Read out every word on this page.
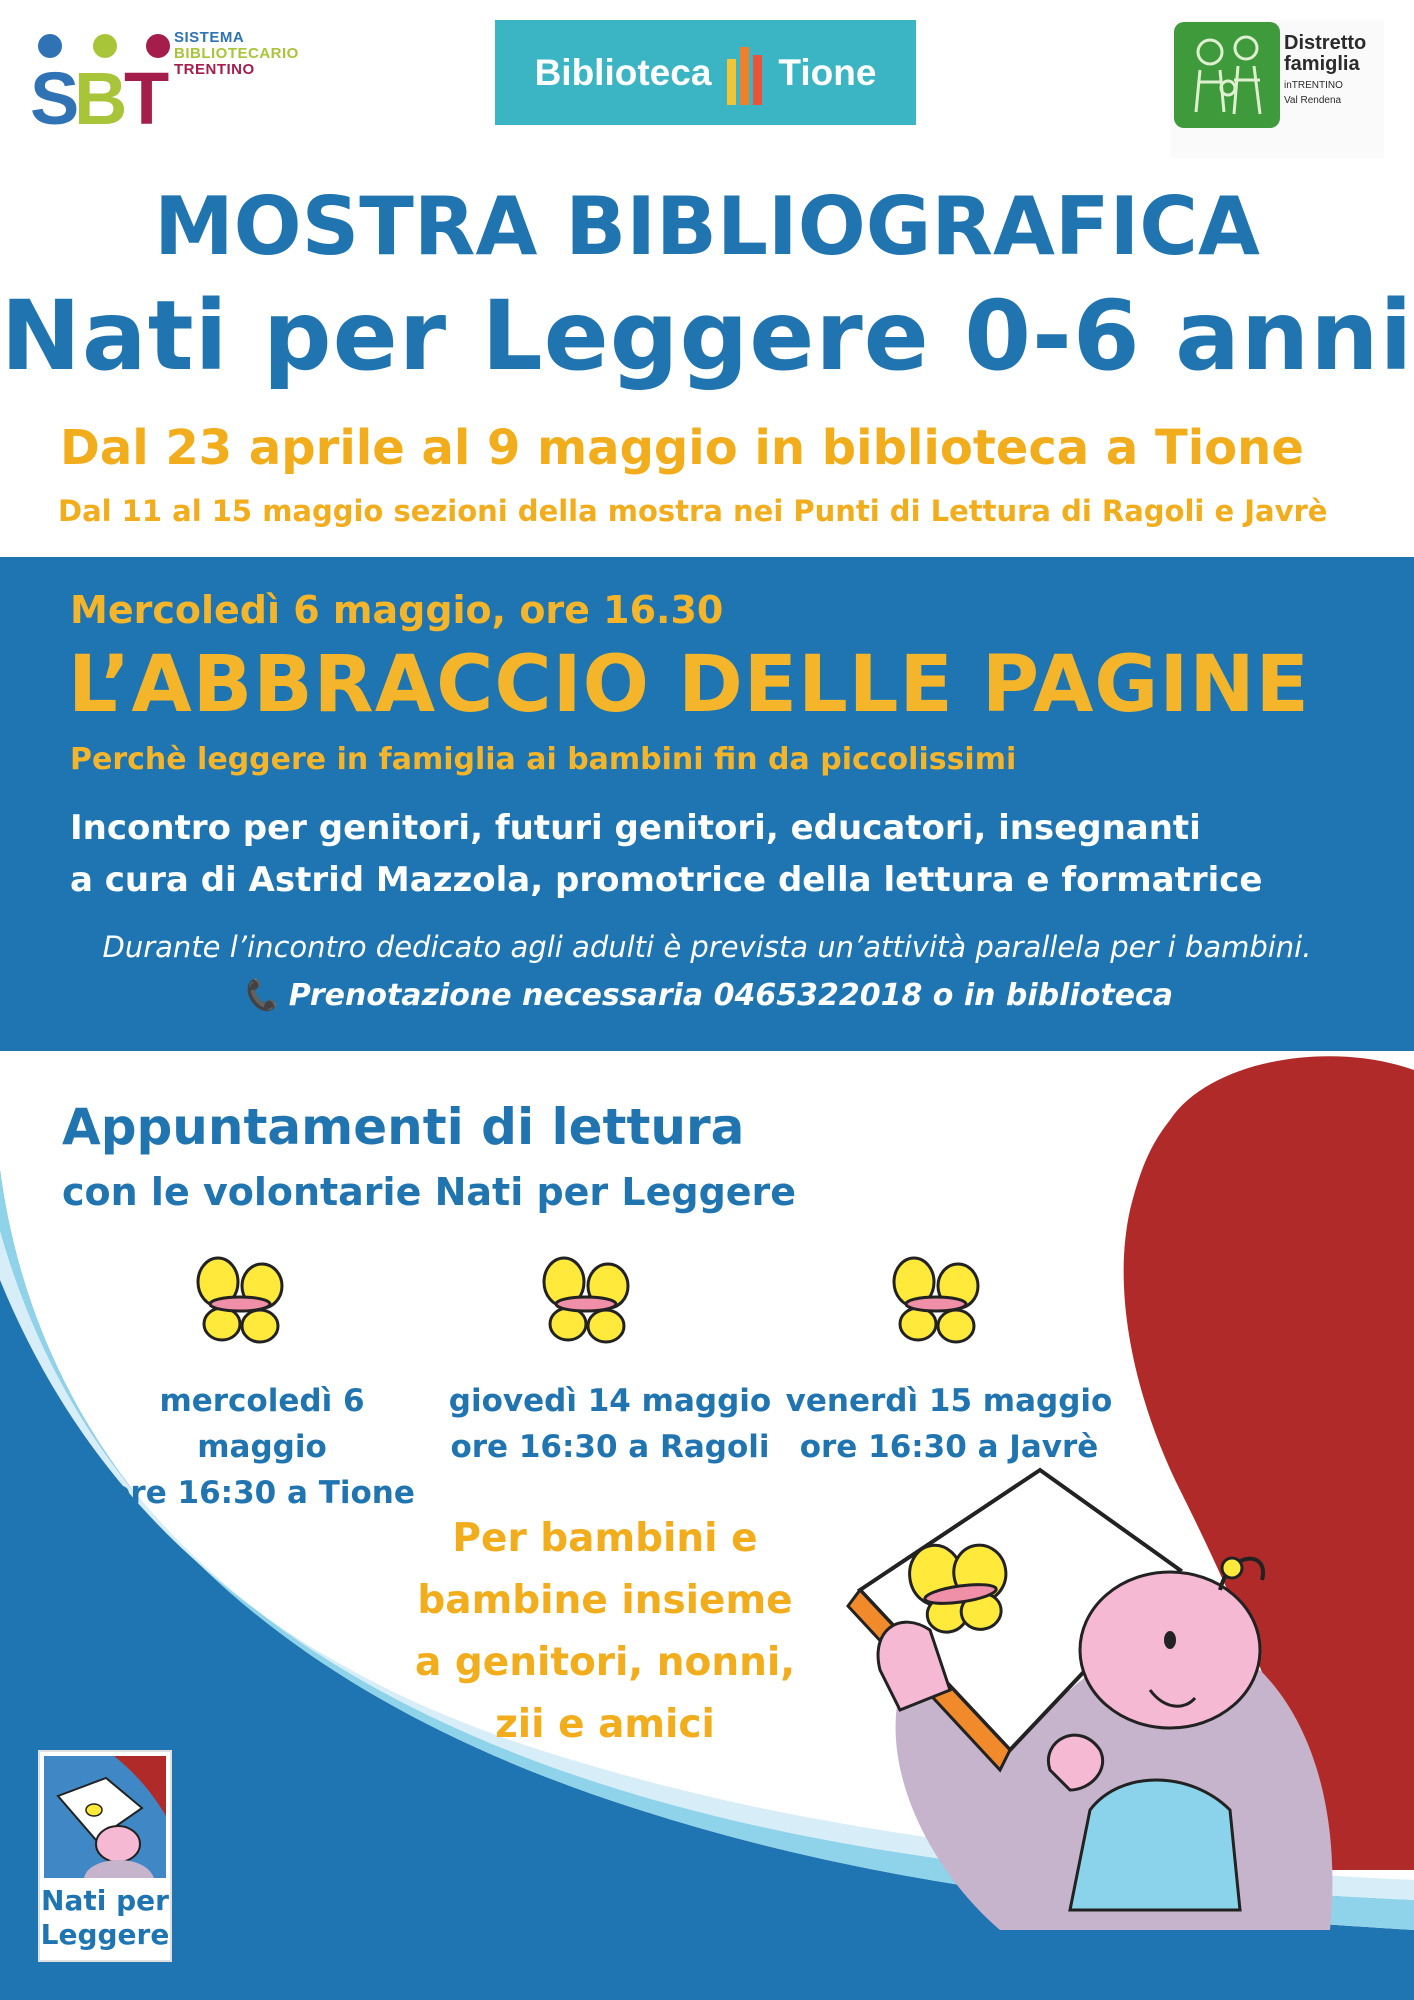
S
B
T
SISTEMA
BIBLIOTECARIO
TRENTINO	Biblioteca Tione
Distretto
famiglia
inTRENTINO
Val Rendena
MOSTRA BIBLIOGRAFICA
Nati per Leggere 0-6 anni
Dal 23 aprile al 9 maggio in biblioteca a Tione
Dal 11 al 15 maggio sezioni della mostra nei Punti di Lettura di Ragoli e Javrè
Mercoledì 6 maggio, ore 16.30
L’ABBRACCIO DELLE PAGINE
Perchè leggere in famiglia ai bambini fin da piccolissimi
Incontro per genitori, futuri genitori, educatori, insegnanti
a cura di Astrid Mazzola, promotrice della lettura e formatrice
Durante l’incontro dedicato agli adulti è prevista un’attività parallela per i bambini.
📞 Prenotazione necessaria 0465322018 o in biblioteca
Appuntamenti di lettura
con le volontarie Nati per Leggere
mercoledì 6 maggio
ore 16:30 a Tione
giovedì 14 maggio
ore 16:30 a Ragoli
venerdì 15 maggio
ore 16:30 a Javrè
Per bambini e
bambine insieme
a genitori, nonni,
zii e amici
Nati per
Leggere
